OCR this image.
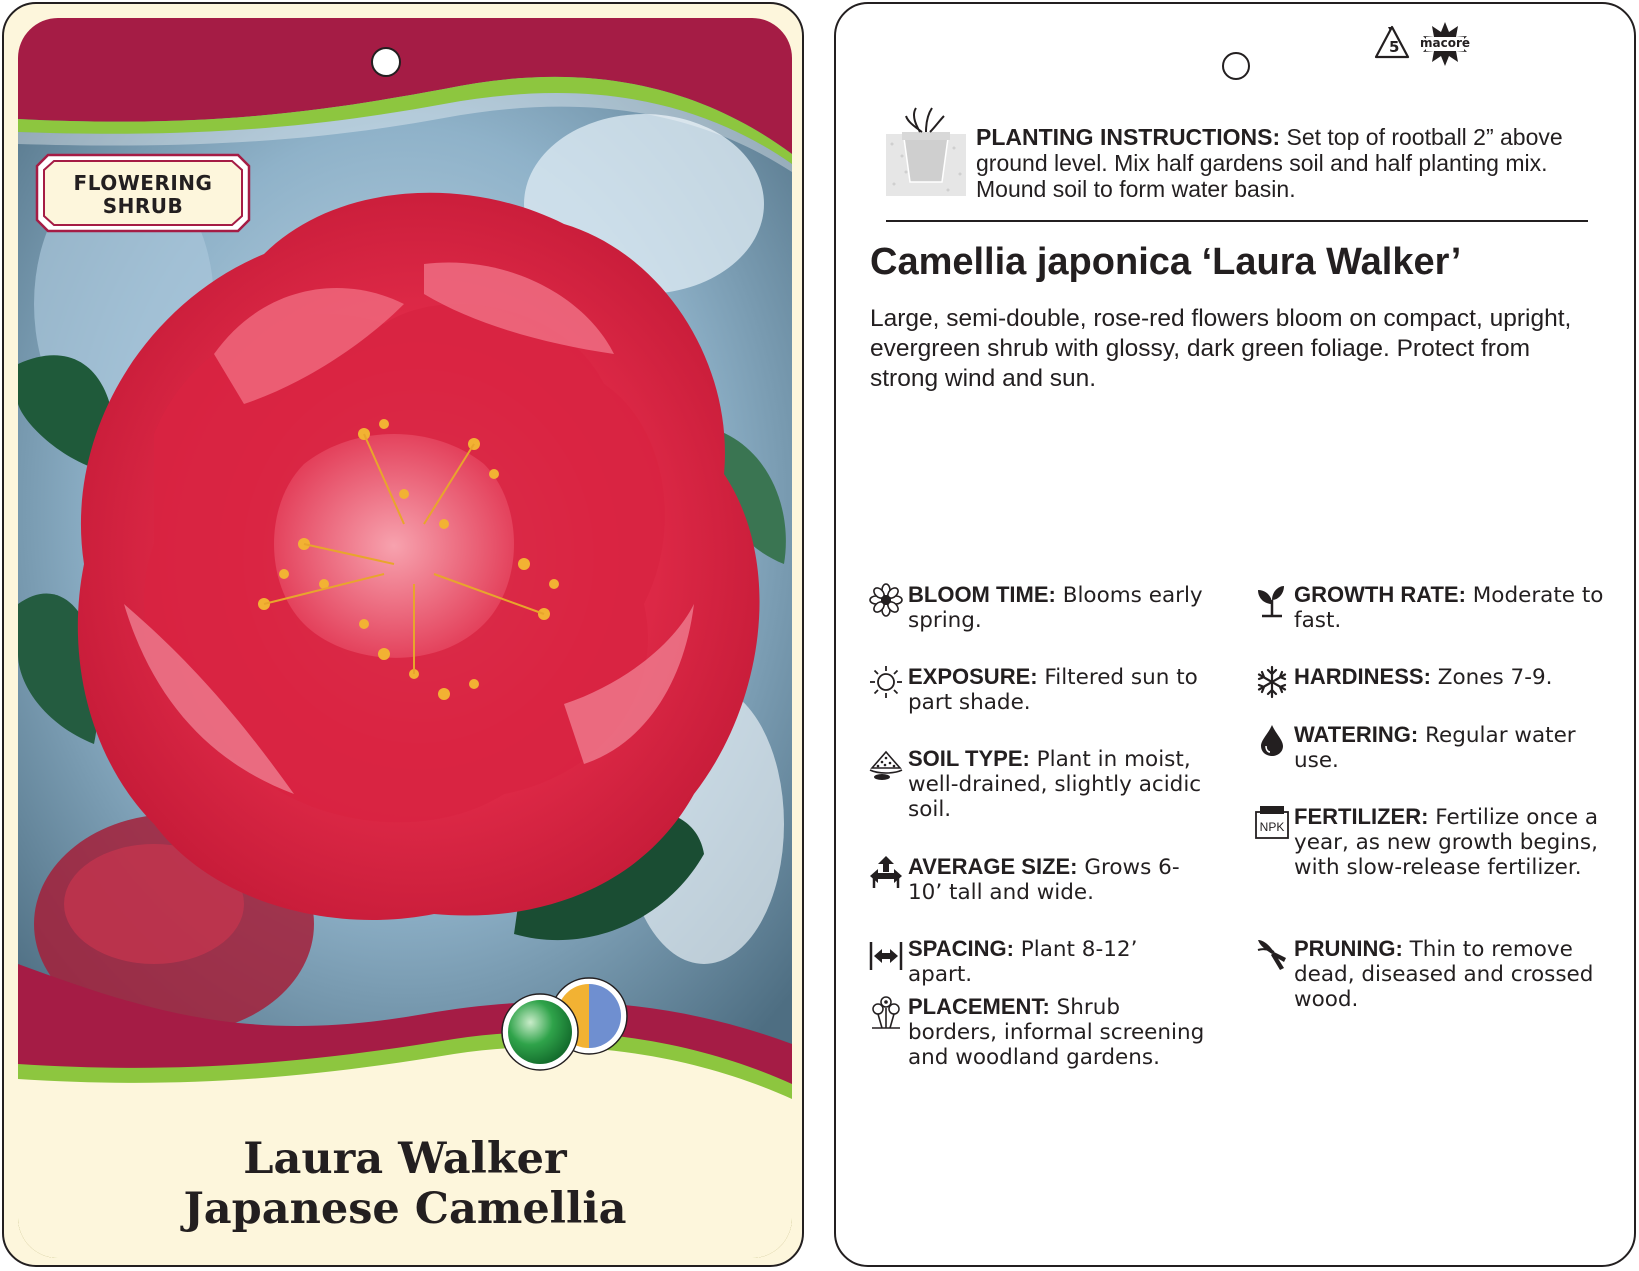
FLOWERING
SHRUB
Laura Walker
Japanese Camellia
5	macore
PLANTING INSTRUCTIONS: Set top of rootball 2” above ground level. Mix half gardens soil and half planting mix. Mound soil to form water basin.
Camellia japonica ‘Laura Walker’
Large, semi-double, rose-red flowers bloom on compact, upright, evergreen shrub with glossy, dark green foliage. Protect from strong wind and sun.
BLOOM TIME: Blooms early spring.
EXPOSURE: Filtered sun to part shade.
SOIL TYPE: Plant in moist, well-drained, slightly acidic soil.
AVERAGE SIZE: Grows 6-10’ tall and wide.
SPACING: Plant 8-12’ apart.
PLACEMENT: Shrub borders, informal screening and woodland gardens.
GROWTH RATE: Moderate to fast.
HARDINESS: Zones 7-9.
WATERING: Regular water use.
NPK FERTILIZER: Fertilize once a year, as new growth begins, with slow-release fertilizer.
PRUNING: Thin to remove dead, diseased and crossed wood.
